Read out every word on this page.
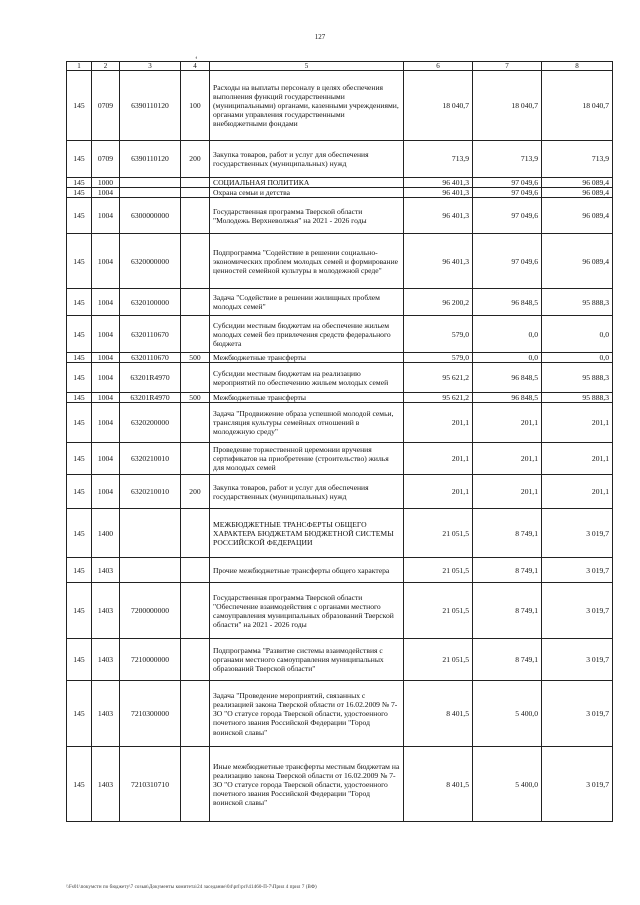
127
‘
1	2	3	4	5	6	7	8
145	0709	6390110120	100	Расходы на выплаты персоналу в целях обеспечения выполнения функций государственными (муниципальными) органами, казенными учреждениями, органами управления государственными внебюджетными фондами	18 040,7	18 040,7	18 040,7
145	0709	6390110120	200	Закупка товаров, работ и услуг для обеспечения государственных (муниципальных) нужд	713,9	713,9	713,9
145	1000			СОЦИАЛЬНАЯ ПОЛИТИКА	96 401,3	97 049,6	96 089,4
145	1004			Охрана семьи и детства	96 401,3	97 049,6	96 089,4
145	1004	6300000000		Государственная программа Тверской области "Молодежь Верхневолжья" на 2021 - 2026 годы	96 401,3	97 049,6	96 089,4
145	1004	6320000000		Подпрограмма "Содействие в решении социально-экономических проблем молодых семей и формирование ценностей семейной культуры в молодежной среде"	96 401,3	97 049,6	96 089,4
145	1004	6320100000		Задача "Содействие в решении жилищных проблем молодых семей"	96 200,2	96 848,5	95 888,3
145	1004	6320110670		Субсидии местным бюджетам на обеспечение жильем молодых семей без привлечения средств федерального бюджета	579,0	0,0	0,0
145	1004	6320110670	500	Межбюджетные трансферты	579,0	0,0	0,0
145	1004	63201R4970		Субсидии местным бюджетам на реализацию мероприятий по обеспечению жильем молодых семей	95 621,2	96 848,5	95 888,3
145	1004	63201R4970	500	Межбюджетные трансферты	95 621,2	96 848,5	95 888,3
145	1004	6320200000		Задача "Продвижение образа успешной молодой семьи, трансляция культуры семейных отношений в молодежную среду"	201,1	201,1	201,1
145	1004	6320210010		Проведение торжественной церемонии вручения сертификатов на приобретение (строительство) жилья для молодых семей	201,1	201,1	201,1
145	1004	6320210010	200	Закупка товаров, работ и услуг для обеспечения государственных (муниципальных) нужд	201,1	201,1	201,1
145	1400			МЕЖБЮДЖЕТНЫЕ ТРАНСФЕРТЫ ОБЩЕГО ХАРАКТЕРА БЮДЖЕТАМ БЮДЖЕТНОЙ СИСТЕМЫ РОССИЙСКОЙ ФЕДЕРАЦИИ	21 051,5	8 749,1	3 019,7
145	1403			Прочие межбюджетные трансферты общего характера	21 051,5	8 749,1	3 019,7
145	1403	7200000000		Государственная программа Тверской области "Обеспечение взаимодействия с органами местного самоуправления муниципальных образований Тверской области" на 2021 - 2026 годы	21 051,5	8 749,1	3 019,7
145	1403	7210000000		Подпрограмма "Развитие системы взаимодействия с органами местного самоуправления муниципальных образований Тверской области"	21 051,5	8 749,1	3 019,7
145	1403	7210300000		Задача "Проведение мероприятий, связанных с реализацией закона Тверской области от 16.02.2009 № 7-ЗО "О статусе города Тверской области, удостоенного почетного звания Российской Федерации "Город воинской славы"	8 401,5	5 400,0	3 019,7
145	1403	7210310710		Иные межбюджетные трансферты местным бюджетам на реализацию закона Тверской области от 16.02.2009 № 7-ЗО "О статусе города Тверской области, удостоенного почетного звания Российской Федерации "Город воинской славы"	8 401,5	5 400,0	3 019,7
\\Fs01\покумстн по бюджету\7 созыв\Документы комитета\24 заседание\04\prl\prl\41460-П-7\Прил 4 прил 7 (ВФ)
